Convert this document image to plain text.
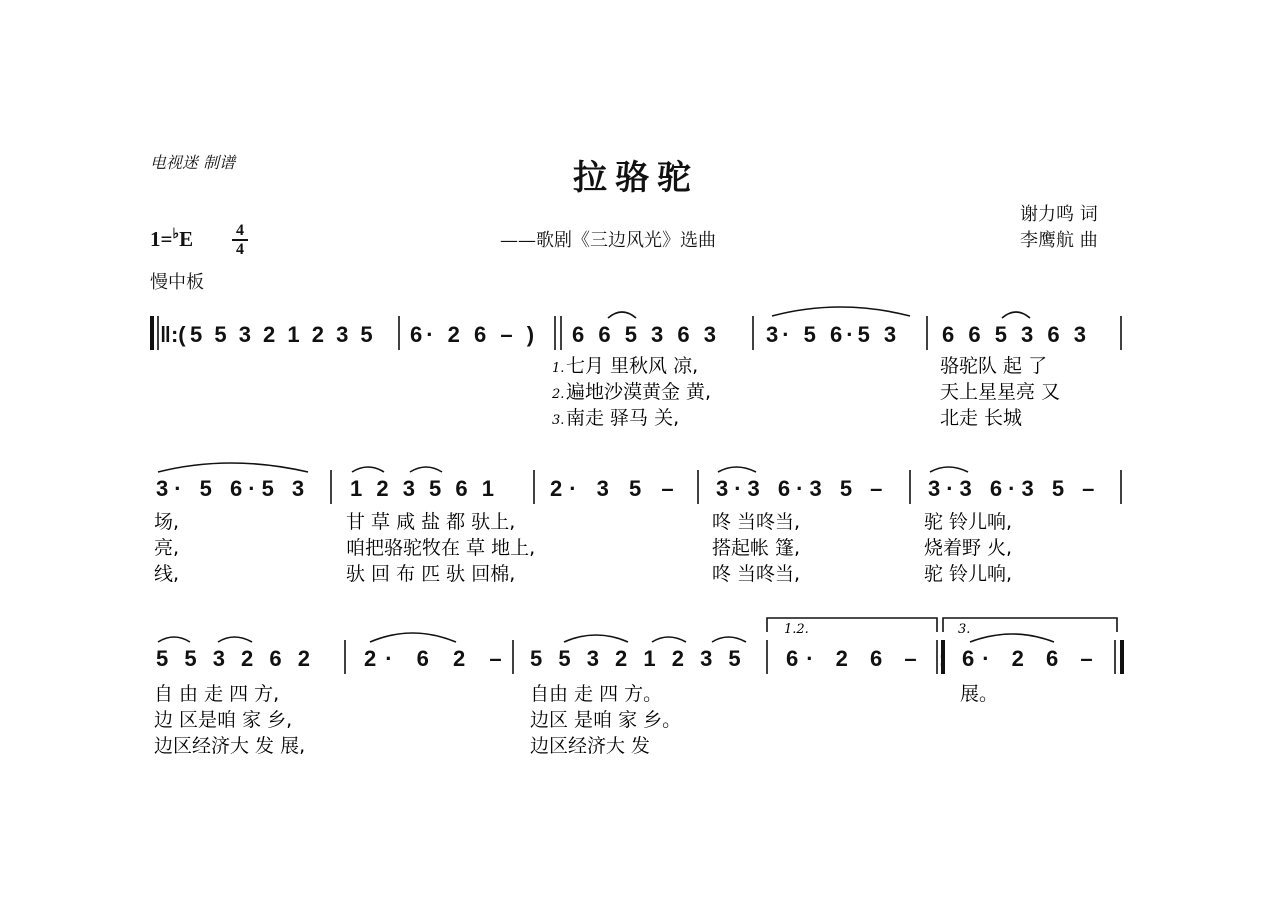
电视迷 制谱	拉骆驼
——歌剧《三边风光》选曲
谢力鸣 词
李鹰航 曲
1=♭E	4
4
慢中板
‖:( 5 5 3 2 1 2 3 5 6· 2 6 – ) 6 6 5 3 6 3 3· 5 6·5 3 6 6 5 3 6 3
3· 5 6·5 3 1 2 3 5 6 1 2· 3 5 – 3·3 6·3 5 – 3·3 6·3 5 –
5 5 3 2 6 2 2· 6 2 – 5 5 3 2 1 2 3 5 6· 2 6 – : 6· 2 6 –
1.2.	3.
1. 七月 里秋风 凉,	骆驼队 起 了
2. 遍地沙漠黄金 黄,	天上星星亮 又
3. 南走 驿马 关,	北走 长城
场,	甘 草 咸 盐 都 驮上,	咚 当咚当,	驼 铃儿响,
亮,	咱把骆驼牧在 草 地上,	搭起帐 篷,	烧着野 火,
线,	驮 回 布 匹 驮 回棉,	咚 当咚当,	驼 铃儿响,
自 由 走 四 方,	自由 走 四 方。	展。
边 区是咱 家 乡,	边区 是咱 家 乡。
边区经济大 发 展,	边区经济大 发
